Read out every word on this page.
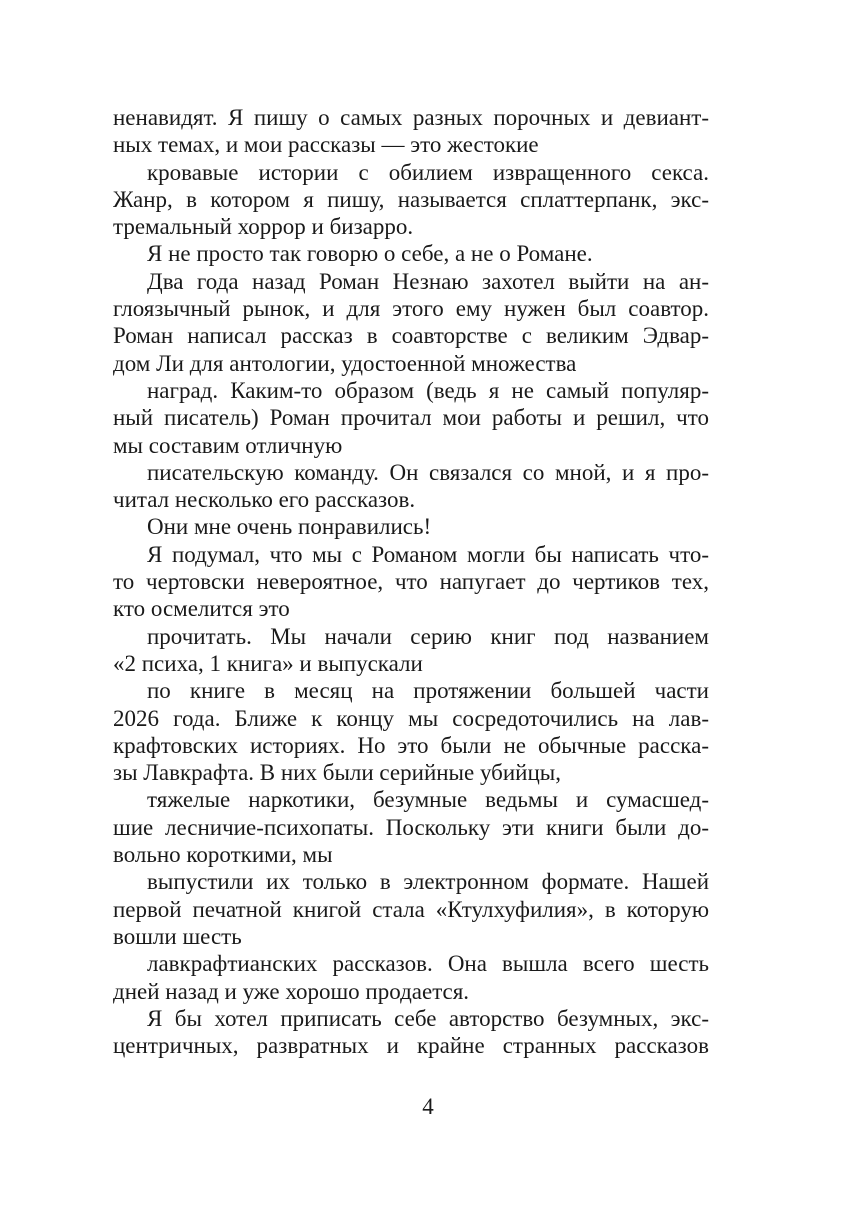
ненавидят. Я пишу о самых разных порочных и девиант-
ных темах, и мои рассказы — это жестокие
кровавые истории с обилием извращенного секса.
Жанр, в котором я пишу, называется сплаттерпанк, экс-
тремальный хоррор и бизарро.
Я не просто так говорю о себе, а не о Романе.
Два года назад Роман Незнаю захотел выйти на ан-
глоязычный рынок, и для этого ему нужен был соавтор.
Роман написал рассказ в соавторстве с великим Эдвар-
дом Ли для антологии, удостоенной множества
наград. Каким-то образом (ведь я не самый популяр-
ный писатель) Роман прочитал мои работы и решил, что
мы составим отличную
писательскую команду. Он связался со мной, и я про-
читал несколько его рассказов.
Они мне очень понравились!
Я подумал, что мы с Романом могли бы написать что-
то чертовски невероятное, что напугает до чертиков тех,
кто осмелится это
прочитать. Мы начали серию книг под названием
«2 психа, 1 книга» и выпускали
по книге в месяц на протяжении большей части
2026 года. Ближе к концу мы сосредоточились на лав-
крафтовских историях. Но это были не обычные расска-
зы Лавкрафта. В них были серийные убийцы,
тяжелые наркотики, безумные ведьмы и сумасшед-
шие лесничие-психопаты. Поскольку эти книги были до-
вольно короткими, мы
выпустили их только в электронном формате. Нашей
первой печатной книгой стала «Ктулхуфилия», в которую
вошли шесть
лавкрафтианских рассказов. Она вышла всего шесть
дней назад и уже хорошо продается.
Я бы хотел приписать себе авторство безумных, экс-
центричных, развратных и крайне странных рассказов
4
